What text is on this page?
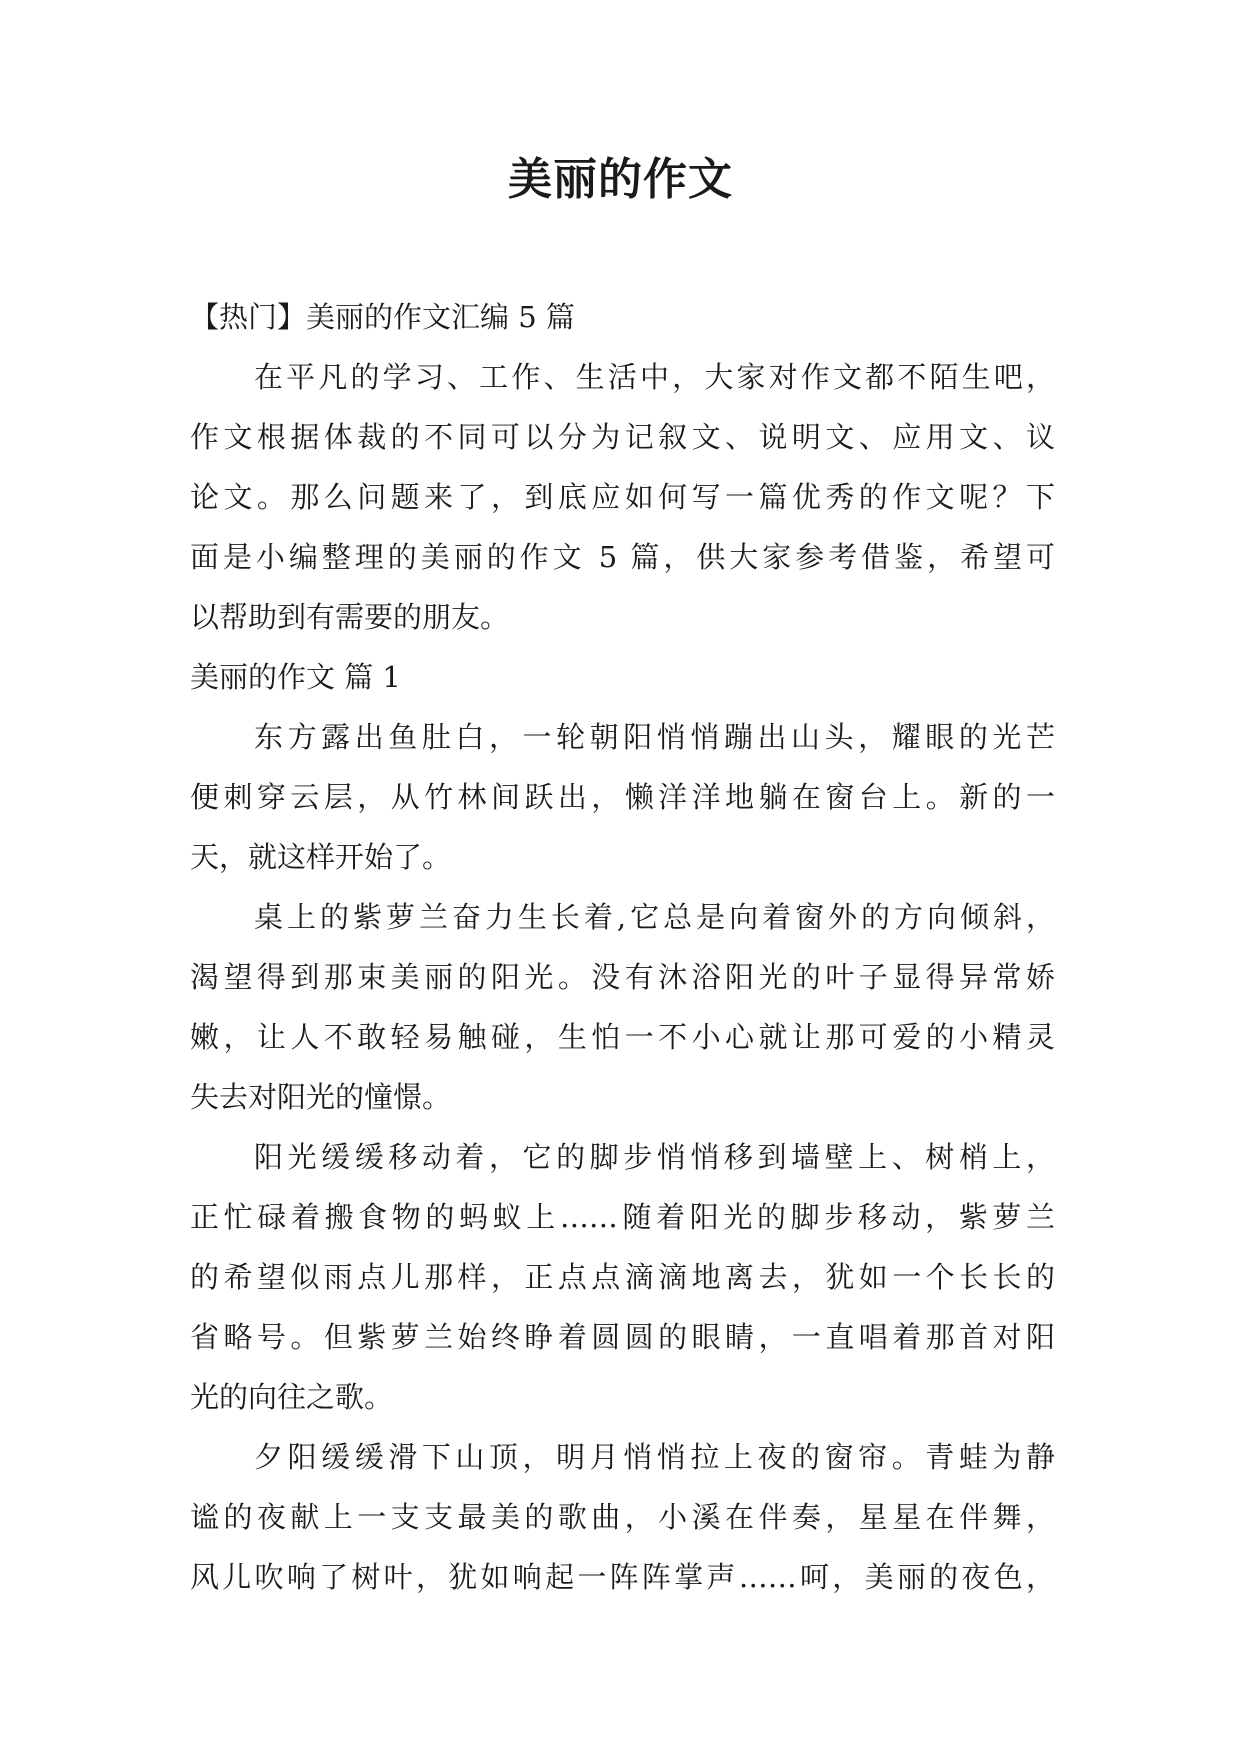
美丽的作文
【热门】美丽的作文汇编 5 篇
在平凡的学习、工作、生活中，大家对作文都不陌生吧，
作文根据体裁的不同可以分为记叙文、说明文、应用文、议
论文。那么问题来了，到底应如何写一篇优秀的作文呢？下
面是小编整理的美丽的作文 5 篇，供大家参考借鉴，希望可
以帮助到有需要的朋友。
美丽的作文 篇 1
东方露出鱼肚白，一轮朝阳悄悄蹦出山头，耀眼的光芒
便刺穿云层，从竹林间跃出，懒洋洋地躺在窗台上。新的一
天，就这样开始了。
桌上的紫萝兰奋力生长着,它总是向着窗外的方向倾斜，
渴望得到那束美丽的阳光。没有沐浴阳光的叶子显得异常娇
嫩，让人不敢轻易触碰，生怕一不小心就让那可爱的小精灵
失去对阳光的憧憬。
阳光缓缓移动着，它的脚步悄悄移到墙壁上、树梢上，
正忙碌着搬食物的蚂蚁上……随着阳光的脚步移动，紫萝兰
的希望似雨点儿那样，正点点滴滴地离去，犹如一个长长的
省略号。但紫萝兰始终睁着圆圆的眼睛，一直唱着那首对阳
光的向往之歌。
夕阳缓缓滑下山顶，明月悄悄拉上夜的窗帘。青蛙为静
谧的夜献上一支支最美的歌曲，小溪在伴奏，星星在伴舞，
风儿吹响了树叶，犹如响起一阵阵掌声……呵，美丽的夜色，
